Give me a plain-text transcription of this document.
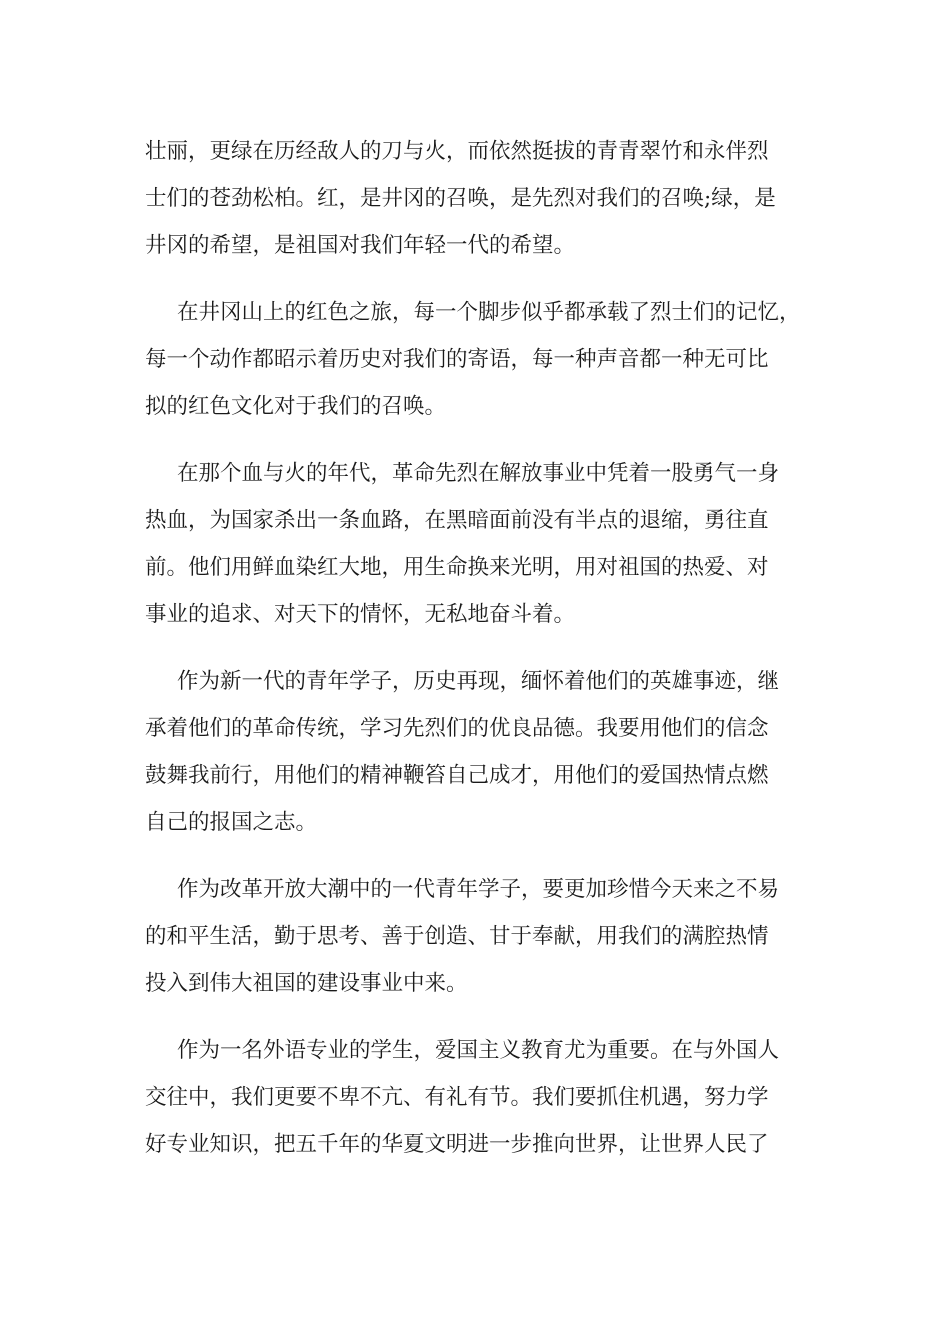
壮丽，更绿在历经敌人的刀与火，而依然挺拔的青青翠竹和永伴烈
士们的苍劲松柏。红，是井冈的召唤，是先烈对我们的召唤;绿，是
井冈的希望，是祖国对我们年轻一代的希望。

在井冈山上的红色之旅，每一个脚步似乎都承载了烈士们的记忆，
每一个动作都昭示着历史对我们的寄语，每一种声音都一种无可比
拟的红色文化对于我们的召唤。

在那个血与火的年代，革命先烈在解放事业中凭着一股勇气一身
热血，为国家杀出一条血路，在黑暗面前没有半点的退缩，勇往直
前。他们用鲜血染红大地，用生命换来光明，用对祖国的热爱、对
事业的追求、对天下的情怀，无私地奋斗着。

作为新一代的青年学子，历史再现，缅怀着他们的英雄事迹，继
承着他们的革命传统，学习先烈们的优良品德。我要用他们的信念
鼓舞我前行，用他们的精神鞭笞自己成才，用他们的爱国热情点燃
自己的报国之志。

作为改革开放大潮中的一代青年学子，要更加珍惜今天来之不易
的和平生活，勤于思考、善于创造、甘于奉献，用我们的满腔热情
投入到伟大祖国的建设事业中来。

作为一名外语专业的学生，爱国主义教育尤为重要。在与外国人
交往中，我们更要不卑不亢、有礼有节。我们要抓住机遇，努力学
好专业知识，把五千年的华夏文明进一步推向世界，让世界人民了
